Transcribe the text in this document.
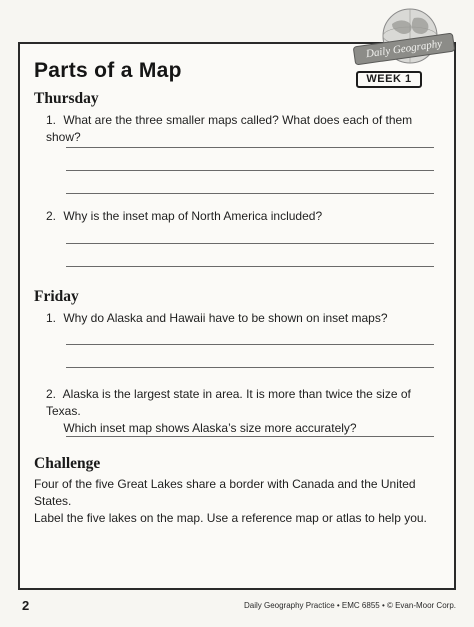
Daily Geography
WEEK 1
Parts of a Map
Thursday
1. What are the three smaller maps called? What does each of them show?
2. Why is the inset map of North America included?
Friday
1. Why do Alaska and Hawaii have to be shown on inset maps?
2. Alaska is the largest state in area. It is more than twice the size of Texas.
Which inset map shows Alaska’s size more accurately?
Challenge
Four of the five Great Lakes share a border with Canada and the United States.
Label the five lakes on the map. Use a reference map or atlas to help you.
2	Daily Geography Practice • EMC 6855 • © Evan-Moor Corp.
